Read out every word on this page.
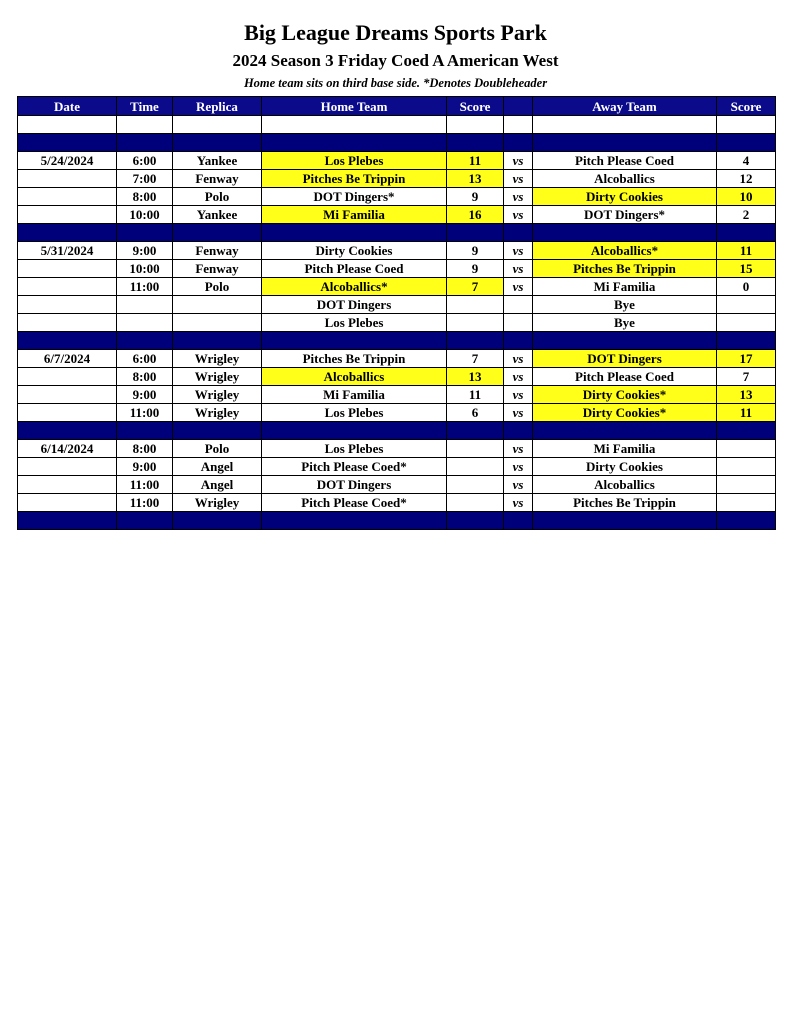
Big League Dreams Sports Park
2024 Season 3 Friday Coed A American West
Home team sits on third base side. *Denotes Doubleheader
Date	Time	Replica	Home Team	Score		Away Team	Score

5/24/2024	6:00	Yankee	Los Plebes	11	vs	Pitch Please Coed	4
	7:00	Fenway	Pitches Be Trippin	13	vs	Alcoballics	12
	8:00	Polo	DOT Dingers*	9	vs	Dirty Cookies	10
	10:00	Yankee	Mi Familia	16	vs	DOT Dingers*	2

5/31/2024	9:00	Fenway	Dirty Cookies	9	vs	Alcoballics*	11
	10:00	Fenway	Pitch Please Coed	9	vs	Pitches Be Trippin	15
	11:00	Polo	Alcoballics*	7	vs	Mi Familia	0
			DOT Dingers			Bye	
			Los Plebes			Bye	

6/7/2024	6:00	Wrigley	Pitches Be Trippin	7	vs	DOT Dingers	17
	8:00	Wrigley	Alcoballics	13	vs	Pitch Please Coed	7
	9:00	Wrigley	Mi Familia	11	vs	Dirty Cookies*	13
	11:00	Wrigley	Los Plebes	6	vs	Dirty Cookies*	11

6/14/2024	8:00	Polo	Los Plebes		vs	Mi Familia	
	9:00	Angel	Pitch Please Coed*		vs	Dirty Cookies	
	11:00	Angel	DOT Dingers		vs	Alcoballics	
	11:00	Wrigley	Pitch Please Coed*		vs	Pitches Be Trippin	
